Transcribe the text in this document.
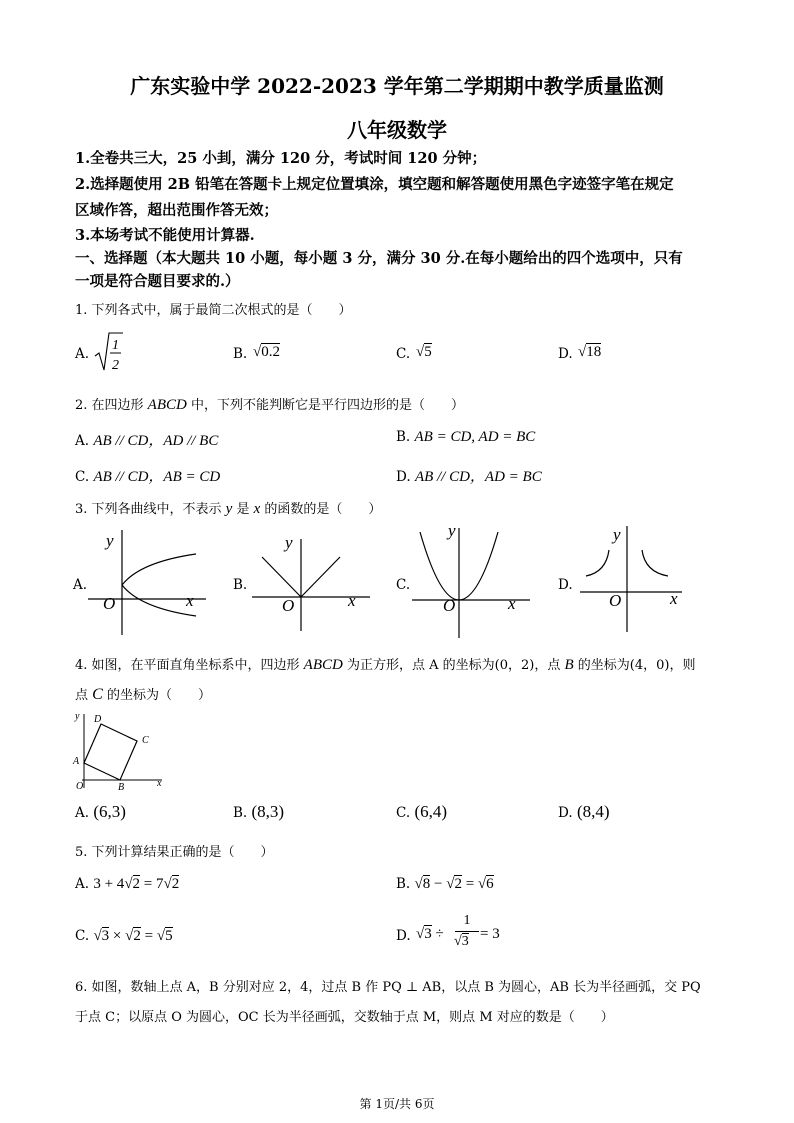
广东实验中学 2022-2023 学年第二学期期中教学质量监测
八年级数学
1.全卷共三大，25 小刲，满分 120 分，考试时间 120 分钟；
2.选择题使用 2B 铅笔在答题卡上规定位置填涂，填空题和解答题使用黑色字迹签字笔在规定
区域作答，超出范围作答无效；
3.本场考试不能使用计算器.
一、选择题（本大题共 10 小题，每小题 3 分，满分 30 分.在每小题给出的四个选项中，只有
一项是符合题目要求的.）
1. 下列各式中，属于最简二次根式的是（　　）
A.
1
2
B. √0.2	C. √5	D. √18
2. 在四边形 ABCD 中，下列不能判断它是平行四边形的是（　　）
A. AB // CD，AD // BC	B. AB = CD, AD = BC
C. AB // CD，AB = CD	D. AB // CD，AD = BC
3. 下列各曲线中，不表示 y 是 x 的函数的是（　　）
A.
y
x
O
B.
y
x
O
C.
y
x
O
D.
y
x
O
4. 如图，在平面直角坐标系中，四边形 ABCD 为正方形，点 A 的坐标为(0，2)，点 B 的坐标为(4，0)，则
点 C 的坐标为（　　）
y
x
O
A
B
C
D
A. (6,3)	B. (8,3)	C. (6,4)	D. (8,4)
5. 下列计算结果正确的是（　　）
A. 3 + 4√2 = 7√2	B. √8 − √2 = √6
C. √3 × √2 = √5	D. √3 ÷
1
√3 = 3
6. 如图，数轴上点 A，B 分别对应 2，4，过点 B 作 PQ ⊥ AB，以点 B 为圆心，AB 长为半径画弧，交 PQ
于点 C；以原点 O 为圆心，OC 长为半径画弧，交数轴于点 M，则点 M 对应的数是（　　）
第 1页/共 6页
